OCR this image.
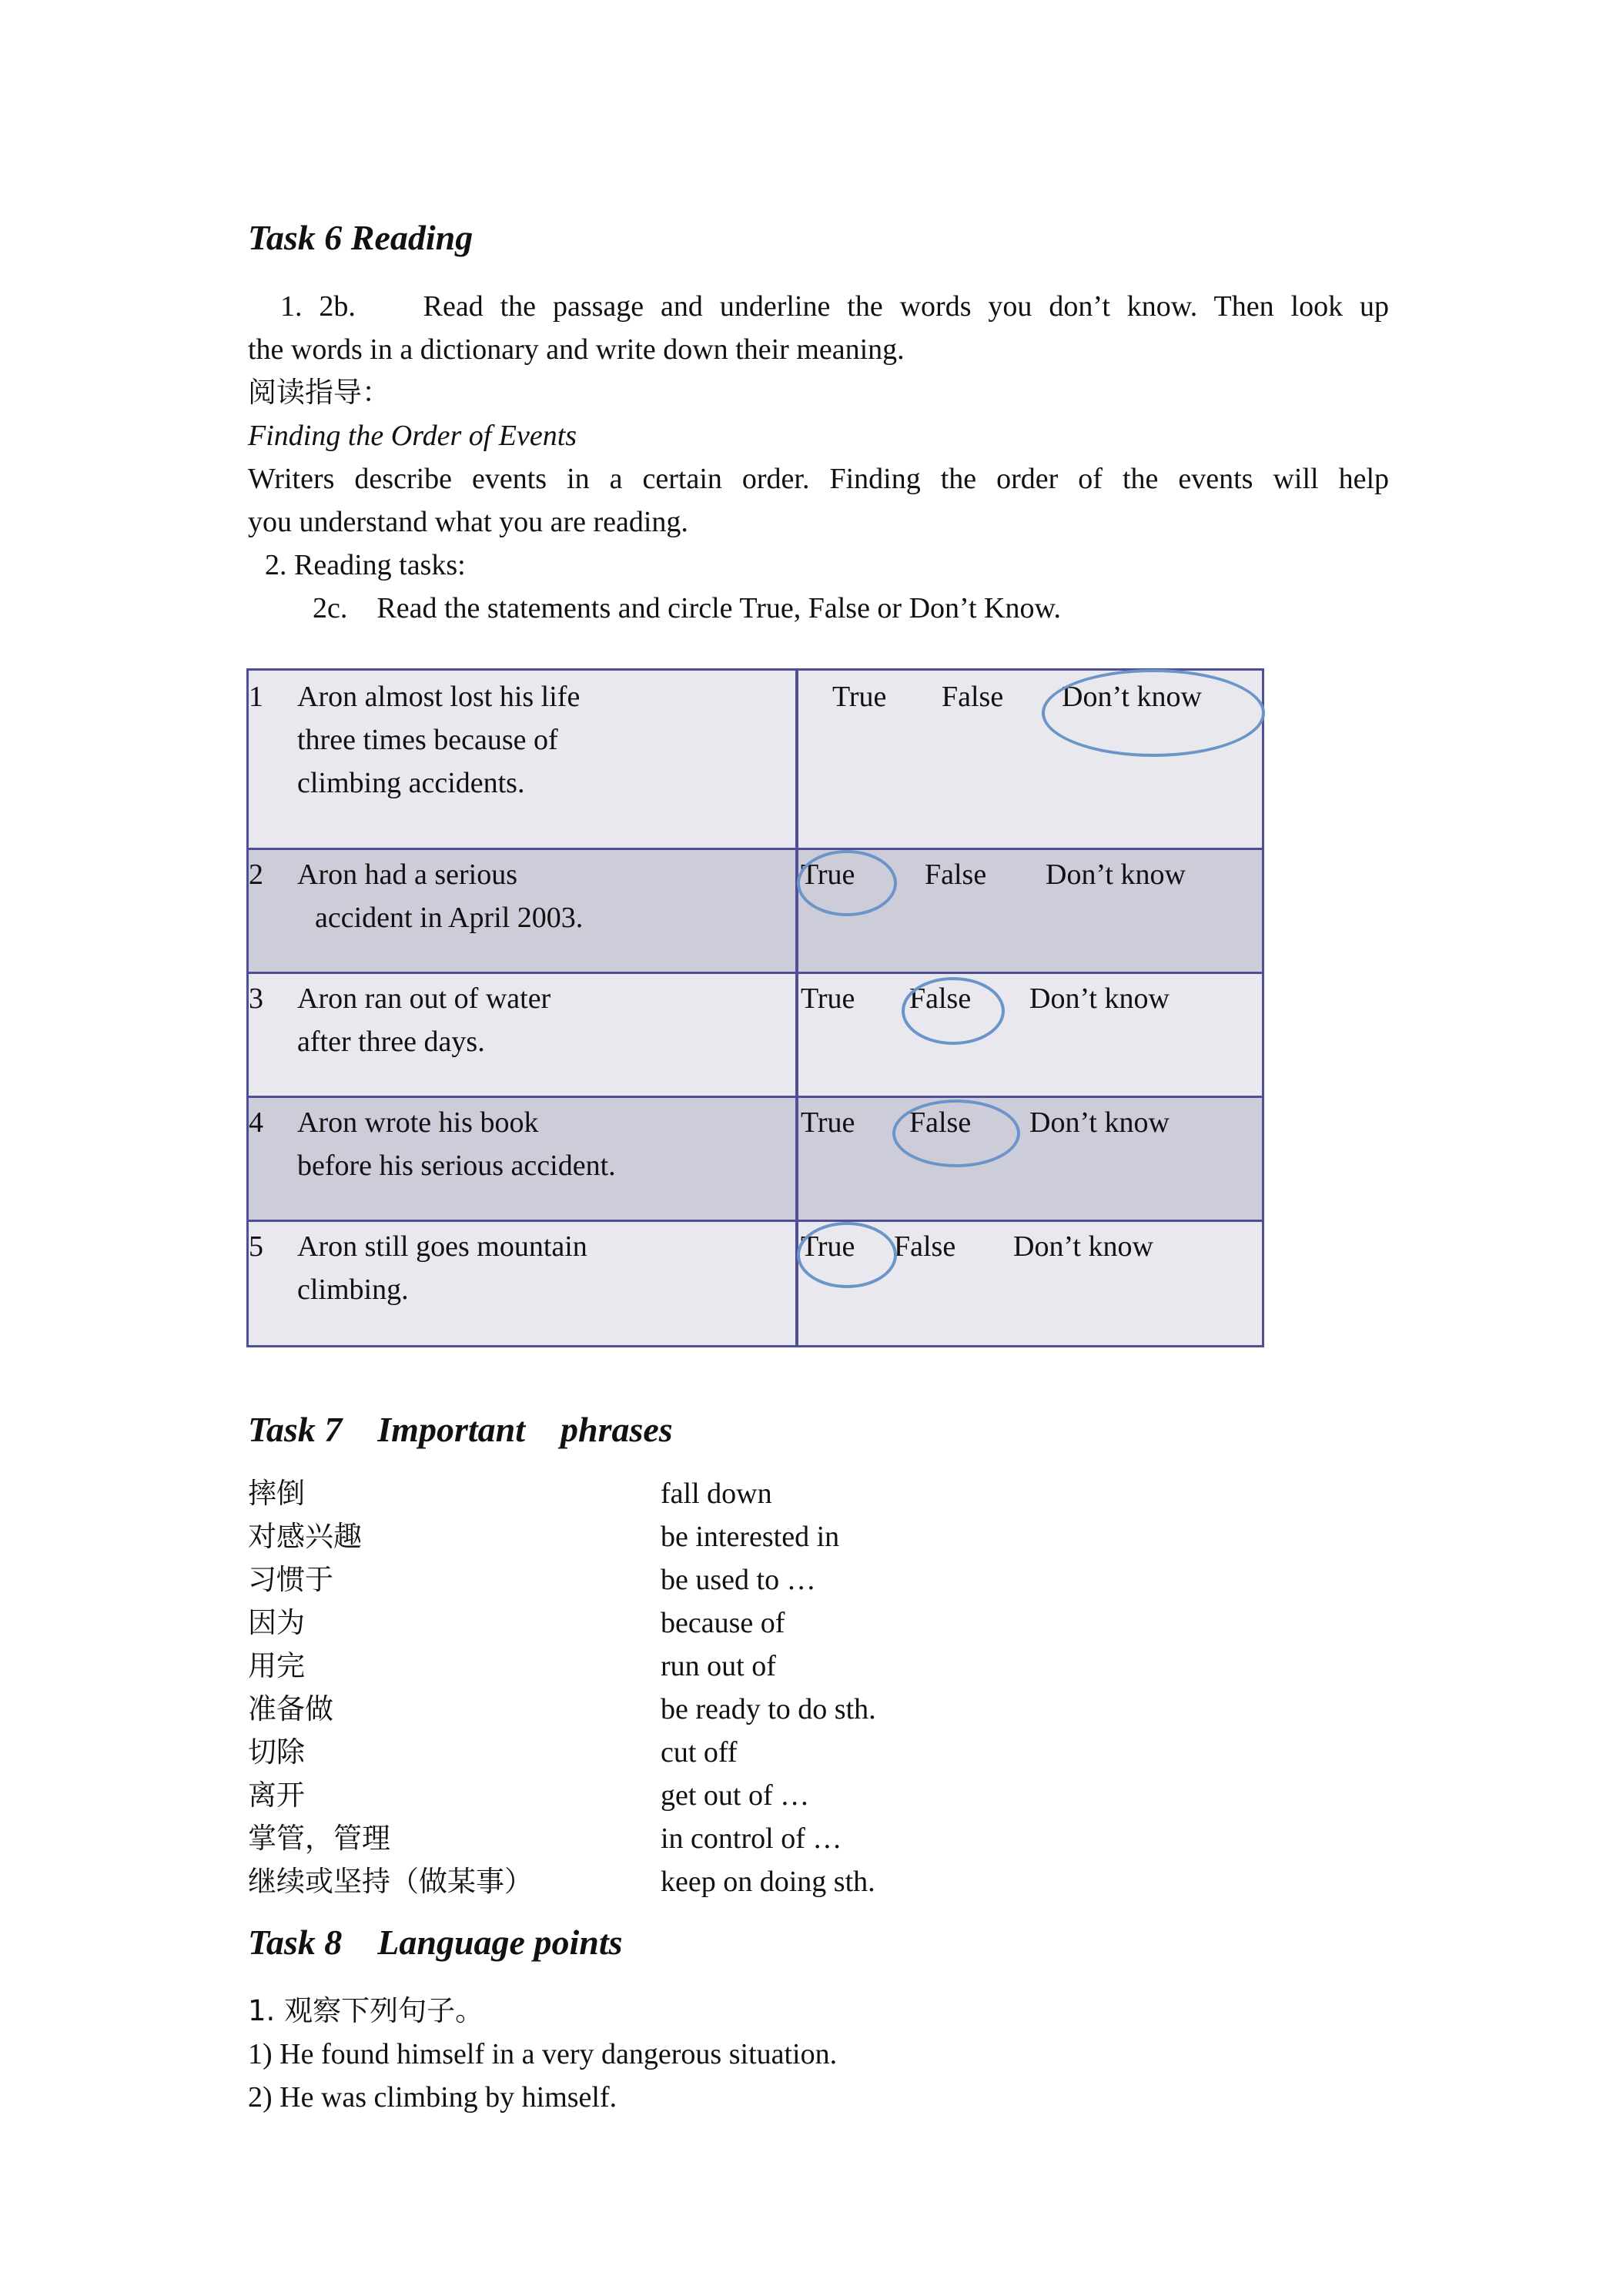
Task 6 Reading
1. 2b.    Read the passage and underline the words you don’t know. Then look up
the words in a dictionary and write down their meaning.
阅读指导：
Finding the Order of Events
Writers describe events in a certain order. Finding the order of the events will help
you understand what you are reading.
2. Reading tasks:
2c.    Read the statements and circle True, False or Don’t Know.
1 Aron almost lost his life
three times because of
climbing accidents.
True False Don’t know
2 Aron had a serious
accident in April 2003.
True False Don’t know
3 Aron ran out of water
after three days.
True False Don’t know
4 Aron wrote his book
before his serious accident.
True False Don’t know
5 Aron still goes mountain
climbing.
True False Don’t know
Task 7    Important    phrases
摔倒	fall down
对感兴趣	be interested in
习惯于	be used to …
因为	because of
用完	run out of
准备做	be ready to do sth.
切除	cut off
离开	get out of …
掌管，管理	in control of …
继续或坚持（做某事）	keep on doing sth.
Task 8    Language points
1. 观察下列句子。
1) He found himself in a very dangerous situation.
2) He was climbing by himself.
